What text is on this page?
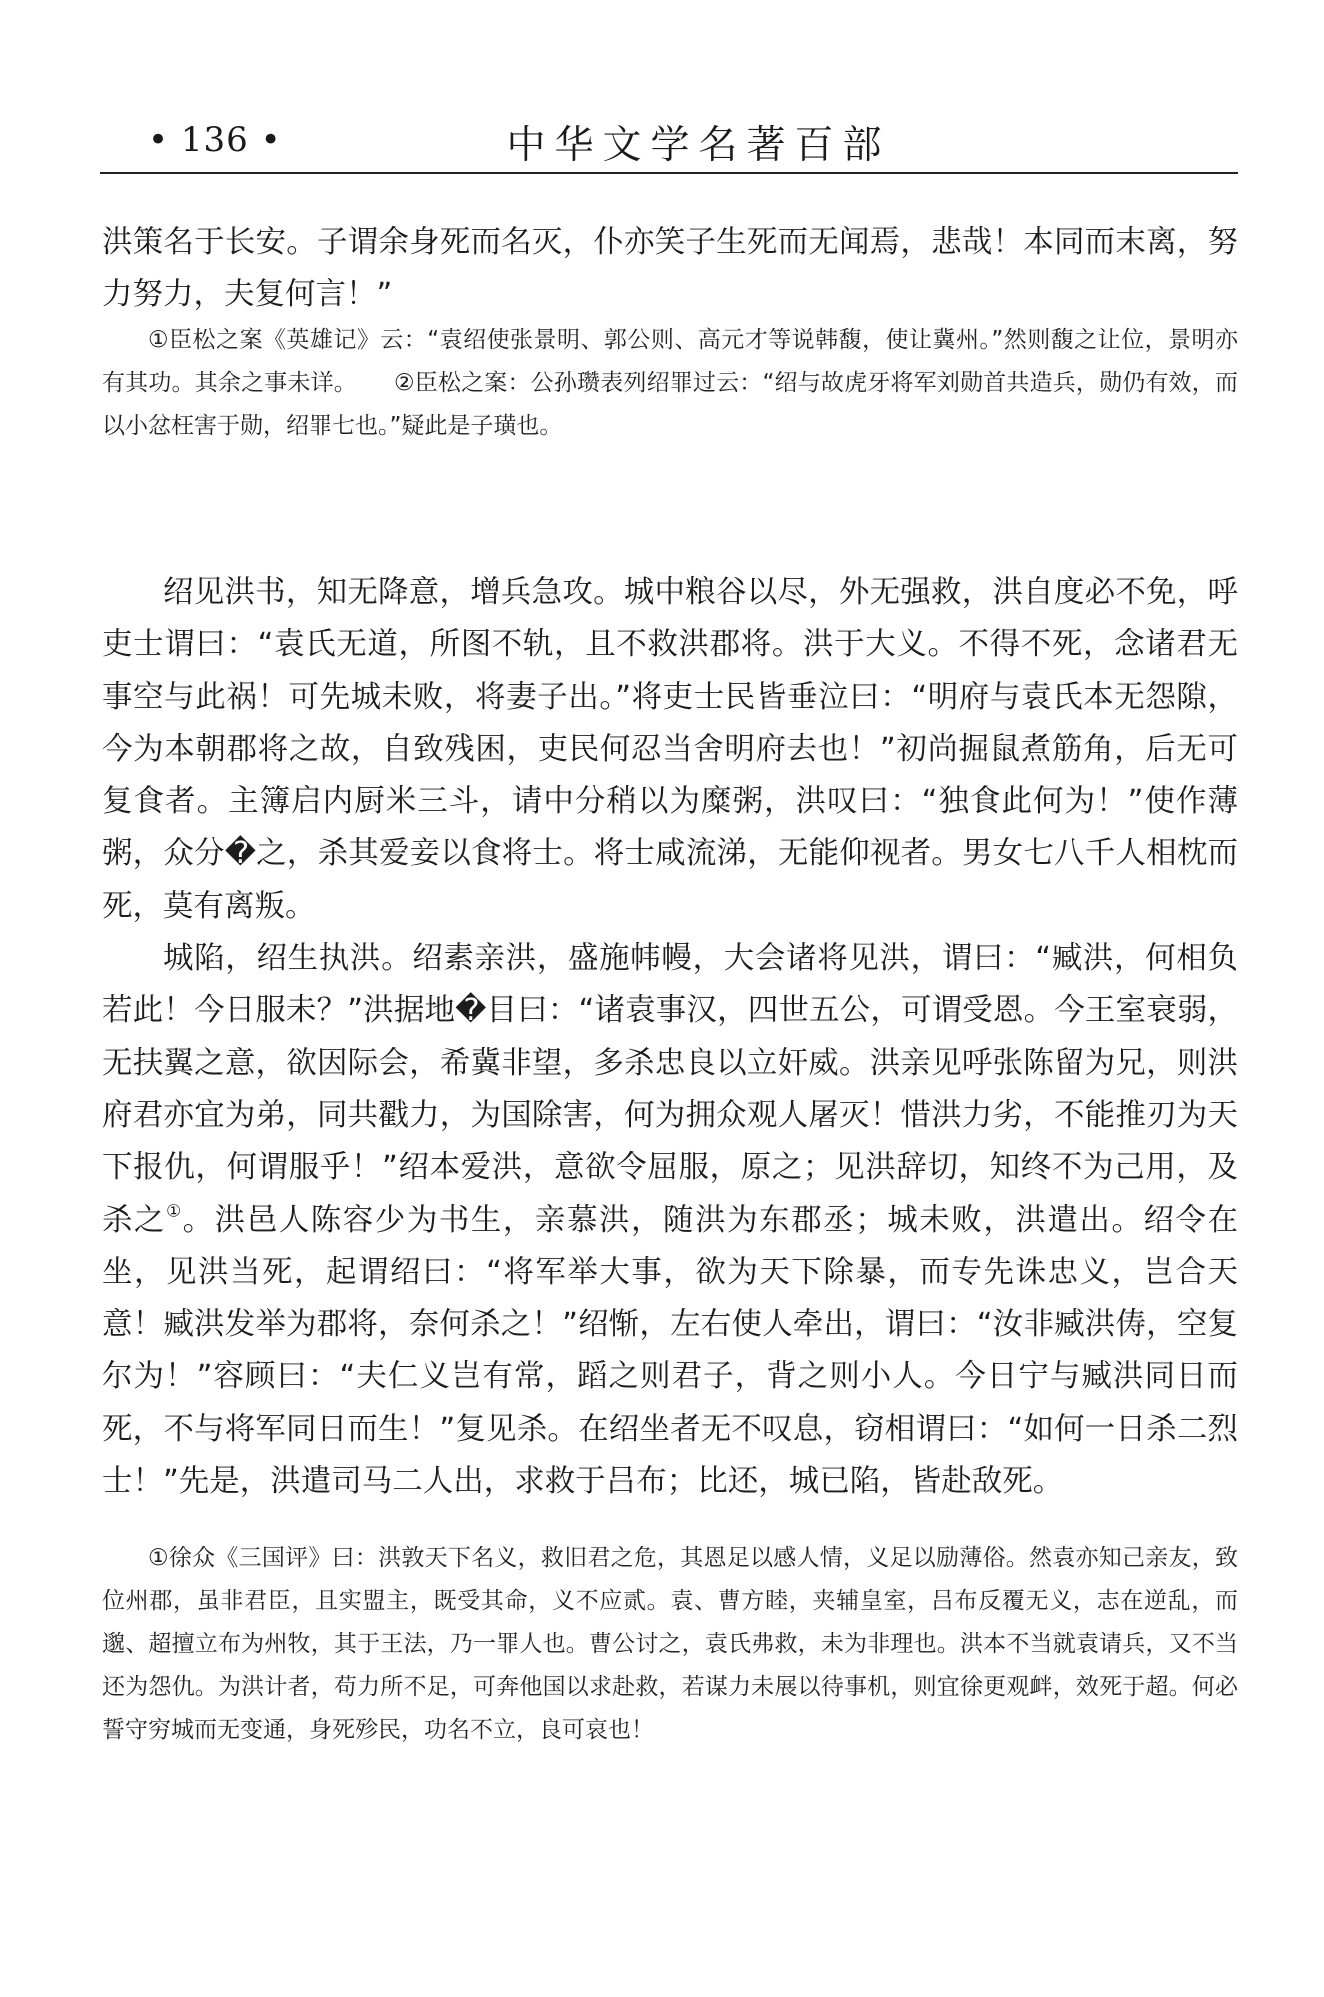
• 136 •	中华文学名著百部

洪策名于长安。子谓余身死而名灭，仆亦笑子生死而无闻焉，悲哉！本同而末离，努力努力，夫复何言！”

①臣松之案《英雄记》云：“袁绍使张景明、郭公则、高元才等说韩馥，使让冀州。”然则馥之让位，景明亦有其功。其余之事未详。 ②臣松之案：公孙瓒表列绍罪过云：“绍与故虎牙将军刘勋首共造兵，勋仍有效，而以小忿枉害于勋，绍罪七也。”疑此是子璜也。

绍见洪书，知无降意，增兵急攻。城中粮谷以尽，外无强救，洪自度必不免，呼吏士谓曰：“袁氏无道，所图不轨，且不救洪郡将。洪于大义。不得不死，念诸君无事空与此祸！可先城未败，将妻子出。”将吏士民皆垂泣曰：“明府与袁氏本无怨隙，今为本朝郡将之故，自致残困，吏民何忍当舍明府去也！”初尚掘鼠煮筋角，后无可复食者。主簿启内厨米三斗，请中分稍以为糜粥，洪叹曰：“独食此何为！”使作薄粥，众分�之，杀其爱妾以食将士。将士咸流涕，无能仰视者。男女七八千人相枕而死，莫有离叛。

城陷，绍生执洪。绍素亲洪，盛施帏幔，大会诸将见洪，谓曰：“臧洪，何相负若此！今日服未？”洪据地�目曰：“诸袁事汉，四世五公，可谓受恩。今王室衰弱，无扶翼之意，欲因际会，希冀非望，多杀忠良以立奸威。洪亲见呼张陈留为兄，则洪府君亦宜为弟，同共戳力，为国除害，何为拥众观人屠灭！惜洪力劣，不能推刃为天下报仇，何谓服乎！”绍本爱洪，意欲令屈服，原之；见洪辞切，知终不为己用，及杀之①。洪邑人陈容少为书生，亲慕洪，随洪为东郡丞；城未败，洪遣出。绍令在坐，见洪当死，起谓绍曰：“将军举大事，欲为天下除暴，而专先诛忠义，岂合天意！臧洪发举为郡将，奈何杀之！”绍惭，左右使人牵出，谓曰：“汝非臧洪俦，空复尔为！”容顾曰：“夫仁义岂有常，蹈之则君子，背之则小人。今日宁与臧洪同日而死，不与将军同日而生！”复见杀。在绍坐者无不叹息，窃相谓曰：“如何一日杀二烈士！”先是，洪遣司马二人出，求救于吕布；比还，城已陷，皆赴敌死。

①徐众《三国评》曰：洪敦天下名义，救旧君之危，其恩足以感人情，义足以励薄俗。然袁亦知己亲友，致位州郡，虽非君臣，且实盟主，既受其命，义不应贰。袁、曹方睦，夹辅皇室，吕布反覆无义，志在逆乱，而邈、超擅立布为州牧，其于王法，乃一罪人也。曹公讨之，袁氏弗救，未为非理也。洪本不当就袁请兵，又不当还为怨仇。为洪计者，苟力所不足，可奔他国以求赴救，若谋力未展以待事机，则宜徐更观衅，效死于超。何必誓守穷城而无变通，身死殄民，功名不立，良可哀也！
